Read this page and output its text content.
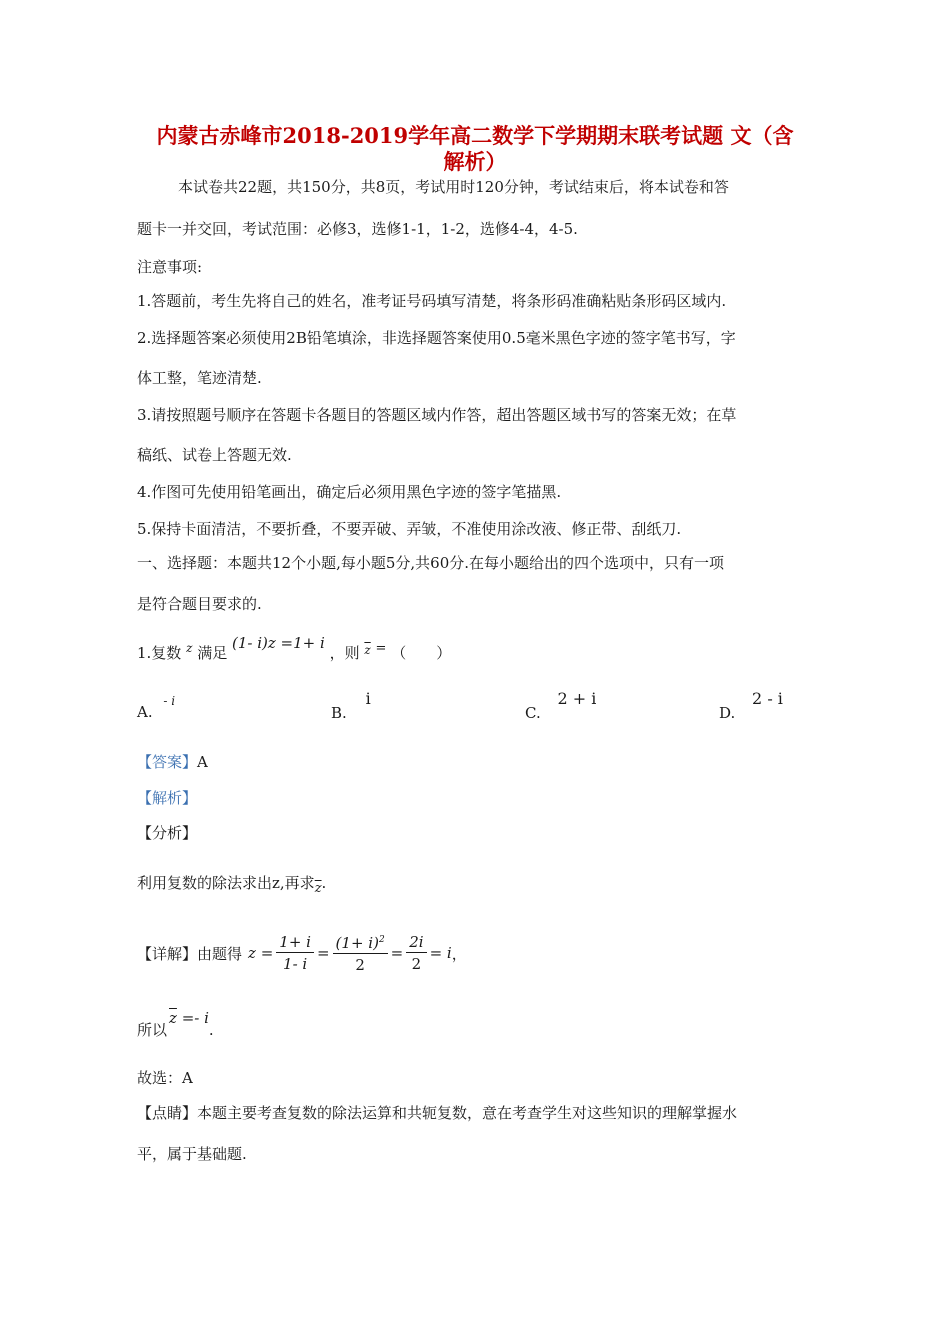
内蒙古赤峰市2018-2019学年高二数学下学期期末联考试题 文（含
解析）
本试卷共22题，共150分，共8页，考试用时120分钟，考试结束后，将本试卷和答
题卡一并交回，考试范围：必修3，选修1-1，1-2，选修4-4，4-5.
注意事项:
1.答题前，考生先将自己的姓名，准考证号码填写清楚，将条形码准确粘贴条形码区域内.
2.选择题答案必须使用2B铅笔填涂，非选择题答案使用0.5毫米黑色字迹的签字笔书写，字
体工整，笔迹清楚.
3.请按照题号顺序在答题卡各题目的答题区域内作答，超出答题区域书写的答案无效；在草
稿纸、试卷上答题无效.
4.作图可先使用铅笔画出，确定后必须用黑色字迹的签字笔描黑.
5.保持卡面清洁，不要折叠，不要弄破、弄皱，不准使用涂改液、修正带、刮纸刀.
一、选择题：本题共12个小题,每小题5分,共60分.在每小题给出的四个选项中，只有一项
是符合题目要求的.
1.复数 z 满足 (1- i)z =1+ i ，则 $\overline{z}$ = （　　）
A. - i
B. i
C. 2 + i
D. 2 - i
【答案】A
【解析】
【分析】
利用复数的除法求出z,再求$\overline{z}$.
【详解】 由题得 $z = \frac{1+ i}{1- i} = \frac{(1+ i)^2}{2} = \frac{2i}{2} = i$ ，
所以$\overline{z} =- i$.
故选：A
【点睛】本题主要考查复数的除法运算和共轭复数，意在考查学生对这些知识的理解掌握水
平，属于基础题.
